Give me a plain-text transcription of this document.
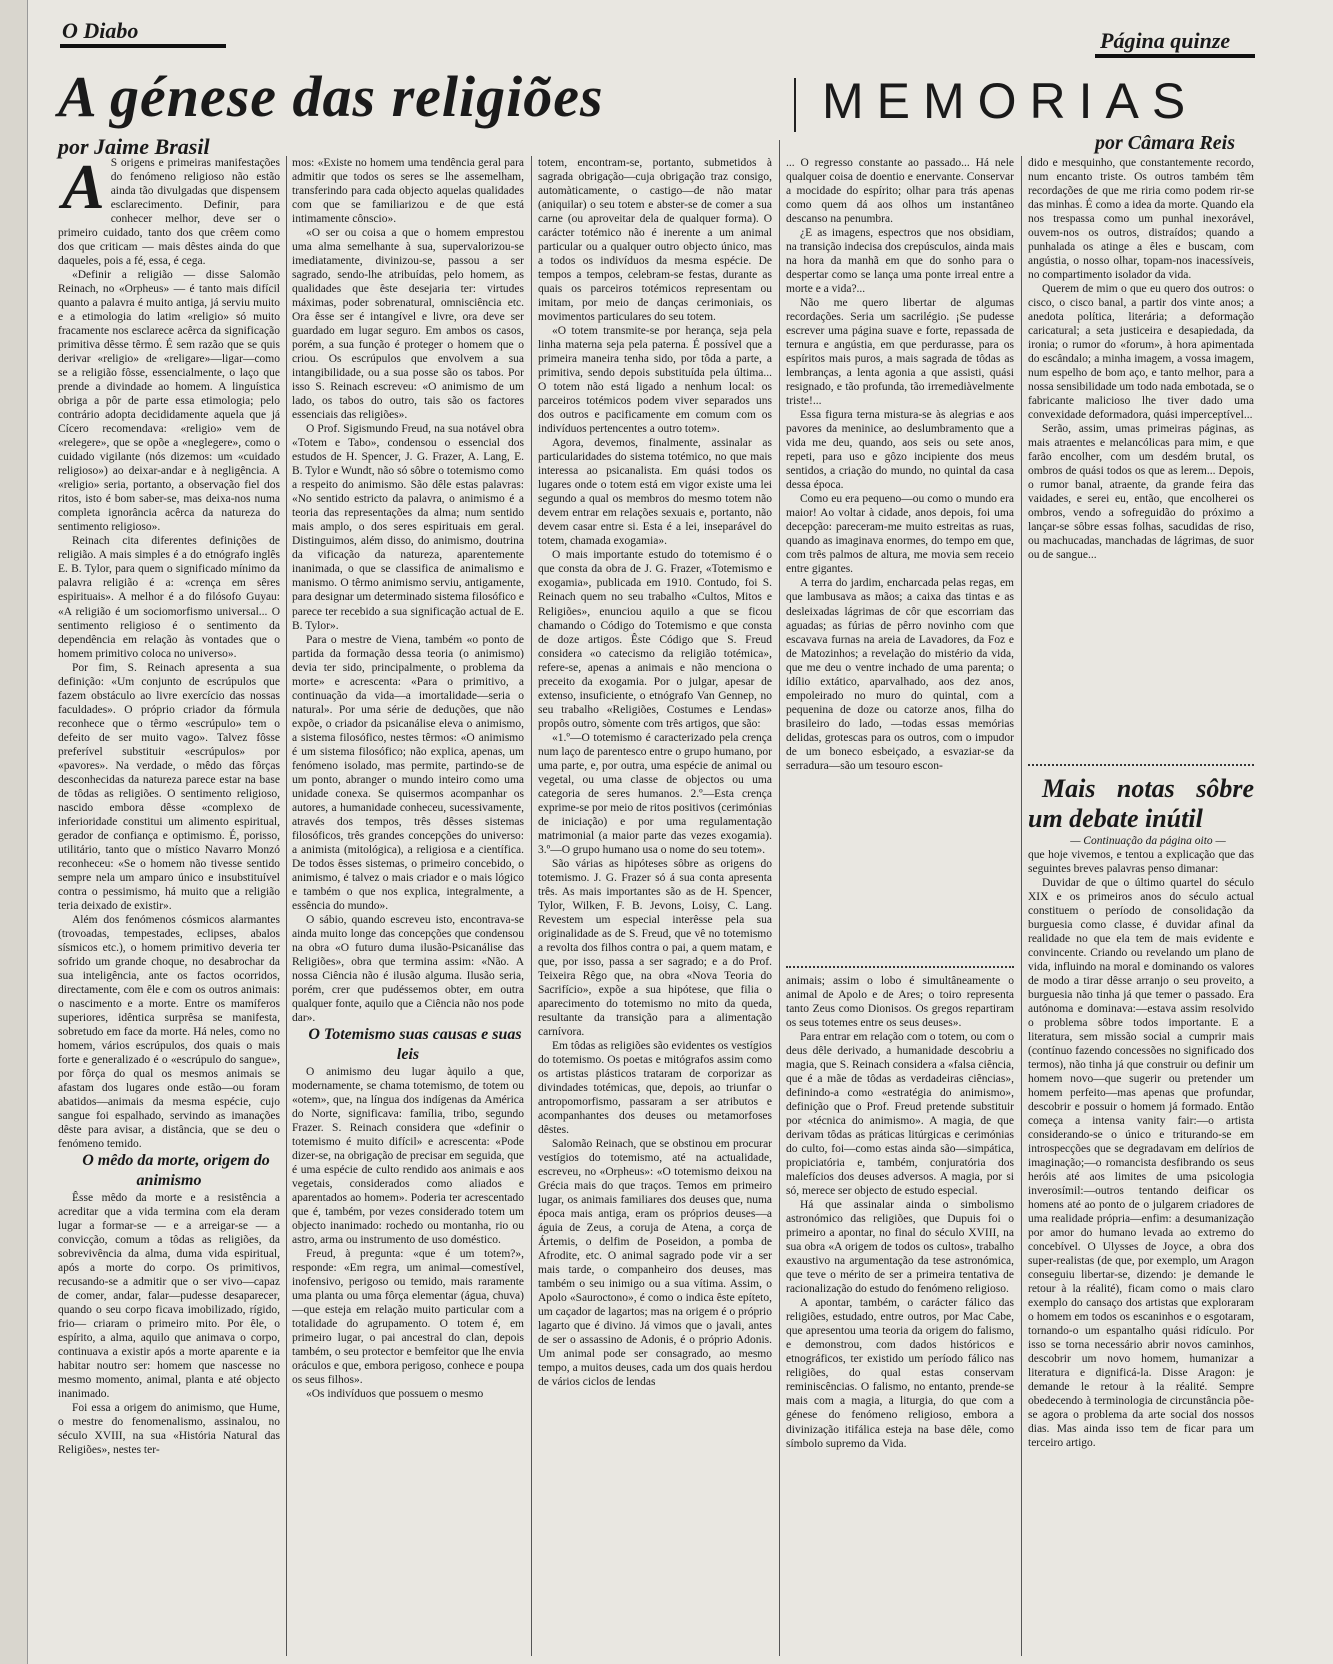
O Diabo	Página quinze
A génese das religiões
por Jaime Brasil
MEMORIAS
por Câmara Reis
A S origens e primeiras manifestações do fenómeno religioso não estão ainda tão divulgadas que dispensem esclarecimento. Definir, para conhecer melhor, deve ser o primeiro cuidado, tanto dos que crêem como dos que criticam — mais dêstes ainda do que daqueles, pois a fé, essa, é cega.

«Definir a religião — disse Salomão Reinach, no «Orpheus» — é tanto mais difícil quanto a palavra é muito antiga, já serviu muito e a etimologia do latim «religio» só muito fracamente nos esclarece acêrca da significação primitiva dêsse têrmo. É sem razão que se quis derivar «religio» de «religare»—ligar—como se a religião fôsse, essencialmente, o laço que prende a divindade ao homem. A linguística obriga a pôr de parte essa etimologia; pelo contrário adopta decididamente aquela que já Cícero recomendava: «religio» vem de «relegere», que se opõe a «neglegere», como o cuidado vigilante (nós dizemos: um «cuidado religioso») ao deixar-andar e à negligência. A «religio» seria, portanto, a observação fiel dos ritos, isto é bom saber-se, mas deixa-nos numa completa ignorância acêrca da natureza do sentimento religioso».

Reinach cita diferentes definições de religião. A mais simples é a do etnógrafo inglês E. B. Tylor, para quem o significado mínimo da palavra religião é a: «crença em sêres espirituais». A melhor é a do filósofo Guyau: «A religião é um sociomorfismo universal... O sentimento religioso é o sentimento da dependência em relação às vontades que o homem primitivo coloca no universo».

Por fim, S. Reinach apresenta a sua definição: «Um conjunto de escrúpulos que fazem obstáculo ao livre exercício das nossas faculdades». O próprio criador da fórmula reconhece que o têrmo «escrúpulo» tem o defeito de ser muito vago». Talvez fôsse preferível substituir «escrúpulos» por «pavores». Na verdade, o mêdo das fôrças desconhecidas da natureza parece estar na base de tôdas as religiões. O sentimento religioso, nascido embora dêsse «complexo de inferioridade constitui um alimento espiritual, gerador de confiança e optimismo. É, porisso, utilitário, tanto que o místico Navarro Monzó reconheceu: «Se o homem não tivesse sentido sempre nela um amparo único e insubstituível contra o pessimismo, há muito que a religião teria deixado de existir».

Além dos fenómenos cósmicos alarmantes (trovoadas, tempestades, eclipses, abalos sísmicos etc.), o homem primitivo deveria ter sofrido um grande choque, no desabrochar da sua inteligência, ante os factos ocorridos, directamente, com êle e com os outros animais: o nascimento e a morte. Entre os mamíferos superiores, idêntica surprêsa se manifesta, sobretudo em face da morte. Há neles, como no homem, vários escrúpulos, dos quais o mais forte e generalizado é o «escrúpulo do sangue», por fôrça do qual os mesmos animais se afastam dos lugares onde estão—ou foram abatidos—animais da mesma espécie, cujo sangue foi espalhado, servindo as imanações dêste para avisar, a distância, que se deu o fenómeno temido.

O mêdo da morte, origem do animismo

Êsse mêdo da morte e a resistência a acreditar que a vida termina com ela deram lugar a formar-se — e a arreigar-se — a convicção, comum a tôdas as religiões, da sobrevivência da alma, duma vida espiritual, após a morte do corpo. Os primitivos, recusando-se a admitir que o ser vivo—capaz de comer, andar, falar—pudesse desaparecer, quando o seu corpo ficava imobilizado, rígido, frio— criaram o primeiro mito. Por êle, o espírito, a alma, aquilo que animava o corpo, continuava a existir após a morte aparente e ia habitar noutro ser: homem que nascesse no mesmo momento, animal, planta e até objecto inanimado.

Foi essa a origem do animismo, que Hume, o mestre do fenomenalismo, assinalou, no século XVIII, na sua «História Natural das Religiões», nestes ter-

mos: «Existe no homem uma tendência geral para admitir que todos os seres se lhe assemelham, transferindo para cada objecto aquelas qualidades com que se familiarizou e de que está intimamente cônscio».

«O ser ou coisa a que o homem emprestou uma alma semelhante à sua, supervalorizou-se imediatamente, divinizou-se, passou a ser sagrado, sendo-lhe atribuídas, pelo homem, as qualidades que êste desejaria ter: virtudes máximas, poder sobrenatural, omnisciência etc. Ora êsse ser é intangível e livre, ora deve ser guardado em lugar seguro. Em ambos os casos, porém, a sua função é proteger o homem que o criou. Os escrúpulos que envolvem a sua intangibilidade, ou a sua posse são os tabos. Por isso S. Reinach escreveu: «O animismo de um lado, os tabos do outro, tais são os factores essenciais das religiões».

O Prof. Sigismundo Freud, na sua notável obra «Totem e Tabo», condensou o essencial dos estudos de H. Spencer, J. G. Frazer, A. Lang, E. B. Tylor e Wundt, não só sôbre o totemismo como a respeito do animismo. São dêle estas palavras: «No sentido estricto da palavra, o animismo é a teoria das representações da alma; num sentido mais amplo, o dos seres espirituais em geral. Distinguimos, além disso, do animismo, doutrina da vificação da natureza, aparentemente inanimada, o que se classifica de animalismo e manismo. O têrmo animismo serviu, antigamente, para designar um determinado sistema filosófico e parece ter recebido a sua significação actual de E. B. Tylor».

Para o mestre de Viena, também «o ponto de partida da formação dessa teoria (o animismo) devia ter sido, principalmente, o problema da morte» e acrescenta: «Para o primitivo, a continuação da vida—a imortalidade—seria o natural». Por uma série de deduções, que não expõe, o criador da psicanálise eleva o animismo, a sistema filosófico, nestes têrmos: «O animismo é um sistema filosófico; não explica, apenas, um fenómeno isolado, mas permite, partindo-se de um ponto, abranger o mundo inteiro como uma unidade conexa. Se quisermos acompanhar os autores, a humanidade conheceu, sucessivamente, através dos tempos, três dêsses sistemas filosóficos, três grandes concepções do universo: a animista (mitológica), a religiosa e a científica. De todos êsses sistemas, o primeiro concebido, o animismo, é talvez o mais criador e o mais lógico e também o que nos explica, integralmente, a essência do mundo».

O sábio, quando escreveu isto, encontrava-se ainda muito longe das concepções que condensou na obra «O futuro duma ilusão-Psicanálise das Religiões», obra que termina assim: «Não. A nossa Ciência não é ilusão alguma. Ilusão seria, porém, crer que pudéssemos obter, em outra qualquer fonte, aquilo que a Ciência não nos pode dar».

O Totemismo suas causas e suas leis

O animismo deu lugar àquilo a que, modernamente, se chama totemismo, de totem ou «otem», que, na língua dos indígenas da América do Norte, significava: família, tribo, segundo Frazer. S. Reinach considera que «definir o totemismo é muito difícil» e acrescenta: «Pode dizer-se, na obrigação de precisar em seguida, que é uma espécie de culto rendido aos animais e aos vegetais, considerados como aliados e aparentados ao homem». Poderia ter acrescentado que é, também, por vezes considerado totem um objecto inanimado: rochedo ou montanha, rio ou astro, arma ou instrumento de uso doméstico.

Freud, à pregunta: «que é um totem?», responde: «Em regra, um animal—comestível, inofensivo, perigoso ou temido, mais raramente uma planta ou uma fôrça elementar (água, chuva)—que esteja em relação muito particular com a totalidade do agrupamento. O totem é, em primeiro lugar, o pai ancestral do clan, depois também, o seu protector e bemfeitor que lhe envia oráculos e que, embora perigoso, conhece e poupa os seus filhos».

«Os indivíduos que possuem o mesmo

totem, encontram-se, portanto, submetidos à sagrada obrigação—cuja obrigação traz consigo, automàticamente, o castigo—de não matar (aniquilar) o seu totem e abster-se de comer a sua carne (ou aproveitar dela de qualquer forma). O carácter totémico não é inerente a um animal particular ou a qualquer outro objecto único, mas a todos os indivíduos da mesma espécie. De tempos a tempos, celebram-se festas, durante as quais os parceiros totémicos representam ou imitam, por meio de danças cerimoniais, os movimentos particulares do seu totem.

«O totem transmite-se por herança, seja pela linha materna seja pela paterna. É possível que a primeira maneira tenha sido, por tôda a parte, a primitiva, sendo depois substituída pela última... O totem não está ligado a nenhum local: os parceiros totémicos podem viver separados uns dos outros e pacificamente em comum com os indivíduos pertencentes a outro totem».

Agora, devemos, finalmente, assinalar as particularidades do sistema totémico, no que mais interessa ao psicanalista. Em quási todos os lugares onde o totem está em vigor existe uma lei segundo a qual os membros do mesmo totem não devem entrar em relações sexuais e, portanto, não devem casar entre si. Esta é a lei, inseparável do totem, chamada exogamia».

O mais importante estudo do totemismo é o que consta da obra de J. G. Frazer, «Totemismo e exogamia», publicada em 1910. Contudo, foi S. Reinach quem no seu trabalho «Cultos, Mitos e Religiões», enunciou aquilo a que se ficou chamando o Código do Totemismo e que consta de doze artigos. Êste Código que S. Freud considera «o catecismo da religião totémica», refere-se, apenas a animais e não menciona o preceito da exogamia. Por o julgar, apesar de extenso, insuficiente, o etnógrafo Van Gennep, no seu trabalho «Religiões, Costumes e Lendas» propôs outro, sòmente com três artigos, que são:

«1.º—O totemismo é caracterizado pela crença num laço de parentesco entre o grupo humano, por uma parte, e, por outra, uma espécie de animal ou vegetal, ou uma classe de objectos ou uma categoria de seres humanos. 2.º—Esta crença exprime-se por meio de ritos positivos (cerimónias de iniciação) e por uma regulamentação matrimonial (a maior parte das vezes exogamia). 3.º—O grupo humano usa o nome do seu totem».

São várias as hipóteses sôbre as origens do totemismo. J. G. Frazer só á sua conta apresenta três. As mais importantes são as de H. Spencer, Tylor, Wilken, F. B. Jevons, Loisy, C. Lang. Revestem um especial interêsse pela sua originalidade as de S. Freud, que vê no totemismo a revolta dos filhos contra o pai, a quem matam, e que, por isso, passa a ser sagrado; e a do Prof. Teixeira Rêgo que, na obra «Nova Teoria do Sacrifício», expõe a sua hipótese, que filia o aparecimento do totemismo no mito da queda, resultante da transição para a alimentação carnívora.

Em tôdas as religiões são evidentes os vestígios do totemismo. Os poetas e mitógrafos assim como os artistas plásticos trataram de corporizar as divindades totémicas, que, depois, ao triunfar o antropomorfismo, passaram a ser atributos e acompanhantes dos deuses ou metamorfoses dêstes.

Salomão Reinach, que se obstinou em procurar vestígios do totemismo, até na actualidade, escreveu, no «Orpheus»: «O totemismo deixou na Grécia mais do que traços. Temos em primeiro lugar, os animais familiares dos deuses que, numa época mais antiga, eram os próprios deuses—a águia de Zeus, a coruja de Atena, a corça de Ártemis, o delfim de Poseidon, a pomba de Afrodite, etc. O animal sagrado pode vir a ser mais tarde, o companheiro dos deuses, mas também o seu inimigo ou a sua vítima. Assim, o Apolo «Sauroctono», é como o indica êste epíteto, um caçador de lagartos; mas na origem é o próprio lagarto que é divino. Já vimos que o javali, antes de ser o assassino de Adonis, é o próprio Adonis. Um animal pode ser consagrado, ao mesmo tempo, a muitos deuses, cada um dos quais herdou de vários ciclos de lendas

... O regresso constante ao passado... Há nele qualquer coisa de doentio e enervante. Conservar a mocidade do espírito; olhar para trás apenas como quem dá aos olhos um instantâneo descanso na penumbra.

¿E as imagens, espectros que nos obsidiam, na transição indecisa dos crepúsculos, ainda mais na hora da manhã em que do sonho para o despertar como se lança uma ponte irreal entre a morte e a vida?...

Não me quero libertar de algumas recordações. Seria um sacrilégio. ¡Se pudesse escrever uma página suave e forte, repassada de ternura e angústia, em que perdurasse, para os espíritos mais puros, a mais sagrada de tôdas as lembranças, a lenta agonia a que assisti, quási resignado, e tão profunda, tão irremediàvelmente triste!...

Essa figura terna mistura-se às alegrias e aos pavores da meninice, ao deslumbramento que a vida me deu, quando, aos seis ou sete anos, repeti, para uso e gôzo incipiente dos meus sentidos, a criação do mundo, no quintal da casa dessa época.

Como eu era pequeno—ou como o mundo era maior! Ao voltar à cidade, anos depois, foi uma decepção: pareceram-me muito estreitas as ruas, quando as imaginava enormes, do tempo em que, com três palmos de altura, me movia sem receio entre gigantes.

A terra do jardim, encharcada pelas regas, em que lambusava as mãos; a caixa das tintas e as desleixadas lágrimas de côr que escorriam das aguadas; as fúrias de pêrro novinho com que escavava furnas na areia de Lavadores, da Foz e de Matozinhos; a revelação do mistério da vida, que me deu o ventre inchado de uma parenta; o idílio extático, aparvalhado, aos dez anos, empoleirado no muro do quintal, com a pequenina de doze ou catorze anos, filha do brasileiro do lado, —todas essas memórias delidas, grotescas para os outros, com o impudor de um boneco esbeiçado, a esvaziar-se da serradura—são um tesouro escon-

animais; assim o lobo é simultâneamente o animal de Apolo e de Ares; o toiro representa tanto Zeus como Dionisos. Os gregos repartiram os seus totemes entre os seus deuses».

Para entrar em relação com o totem, ou com o deus dêle derivado, a humanidade descobriu a magia, que S. Reinach considera a «falsa ciência, que é a mãe de tôdas as verdadeiras ciências», definindo-a como «estratégia do animismo», definição que o Prof. Freud pretende substituir por «técnica do animismo». A magia, de que derivam tôdas as práticas litúrgicas e cerimónias do culto, foi—como estas ainda são—simpática, propiciatória e, também, conjuratória dos malefícios dos deuses adversos. A magia, por si só, merece ser objecto de estudo especial.

Há que assinalar ainda o simbolismo astronómico das religiões, que Dupuis foi o primeiro a apontar, no final do século XVIII, na sua obra «A origem de todos os cultos», trabalho exaustivo na argumentação da tese astronómica, que teve o mérito de ser a primeira tentativa de racionalização do estudo do fenómeno religioso.

A apontar, também, o carácter fálico das religiões, estudado, entre outros, por Mac Cabe, que apresentou uma teoria da origem do falismo, e demonstrou, com dados históricos e etnográficos, ter existido um período fálico nas religiões, do qual estas conservam reminiscências. O falismo, no entanto, prende-se mais com a magia, a liturgia, do que com a génese do fenómeno religioso, embora a divinização itifálica esteja na base dêle, como símbolo supremo da Vida.

dido e mesquinho, que constantemente recordo, num encanto triste. Os outros também têm recordações de que me riria como podem rir-se das minhas. É como a idea da morte. Quando ela nos trespassa como um punhal inexorável, ouvem-nos os outros, distraídos; quando a punhalada os atinge a êles e buscam, com angústia, o nosso olhar, topam-nos inacessíveis, no compartimento isolador da vida.

Querem de mim o que eu quero dos outros: o cisco, o cisco banal, a partir dos vinte anos; a anedota política, literária; a deformação caricatural; a seta justiceira e desapiedada, da ironia; o rumor do «forum», à hora apimentada do escândalo; a minha imagem, a vossa imagem, num espelho de bom aço, e tanto melhor, para a nossa sensibilidade um todo nada embotada, se o fabricante malicioso lhe tiver dado uma convexidade deformadora, quási imperceptível...

Serão, assim, umas primeiras páginas, as mais atraentes e melancólicas para mim, e que farão encolher, com um desdém brutal, os ombros de quási todos os que as lerem... Depois, o rumor banal, atraente, da grande feira das vaidades, e serei eu, então, que encolherei os ombros, vendo a sofreguidão do próximo a lançar-se sôbre essas folhas, sacudidas de riso, ou machucadas, manchadas de lágrimas, de suor ou de sangue...

Mais notas sôbre um debate inútil

— Continuação da página oito —

que hoje vivemos, e tentou a explicação que das seguintes breves palavras penso dimanar:

Duvidar de que o último quartel do século XIX e os primeiros anos do século actual constituem o período de consolidação da burguesia como classe, é duvidar afinal da realidade no que ela tem de mais evidente e convincente. Criando ou revelando um plano de vida, influindo na moral e dominando os valores de modo a tirar dêsse arranjo o seu proveito, a burguesia não tinha já que temer o passado. Era autónoma e dominava:—estava assim resolvido o problema sôbre todos importante. E a literatura, sem missão social a cumprir mais (contínuo fazendo concessões no significado dos termos), não tinha já que construir ou definir um homem novo—que sugerir ou pretender um homem perfeito—mas apenas que profundar, descobrir e possuir o homem já formado. Então começa a intensa vanity fair:—o artista considerando-se o único e triturando-se em introspecções que se degradavam em delírios de imaginação;—o romancista desfibrando os seus heróis até aos limites de uma psicologia inverosímil:—outros tentando deificar os homens até ao ponto de o julgarem criadores de uma realidade própria—enfim: a desumanização por amor do humano levada ao extremo do concebível. O Ulysses de Joyce, a obra dos super-realistas (de que, por exemplo, um Aragon conseguiu libertar-se, dizendo: je demande le retour à la réalité), ficam como o mais claro exemplo do cansaço dos artistas que exploraram o homem em todos os escaninhos e o esgotaram, tornando-o um espantalho quási ridículo. Por isso se torna necessário abrir novos caminhos, descobrir um novo homem, humanizar a literatura e dignificá-la. Disse Aragon: je demande le retour à la réalité. Sempre obedecendo à terminologia de circunstância põe-se agora o problema da arte social dos nossos dias. Mas ainda isso tem de ficar para um terceiro artigo.
